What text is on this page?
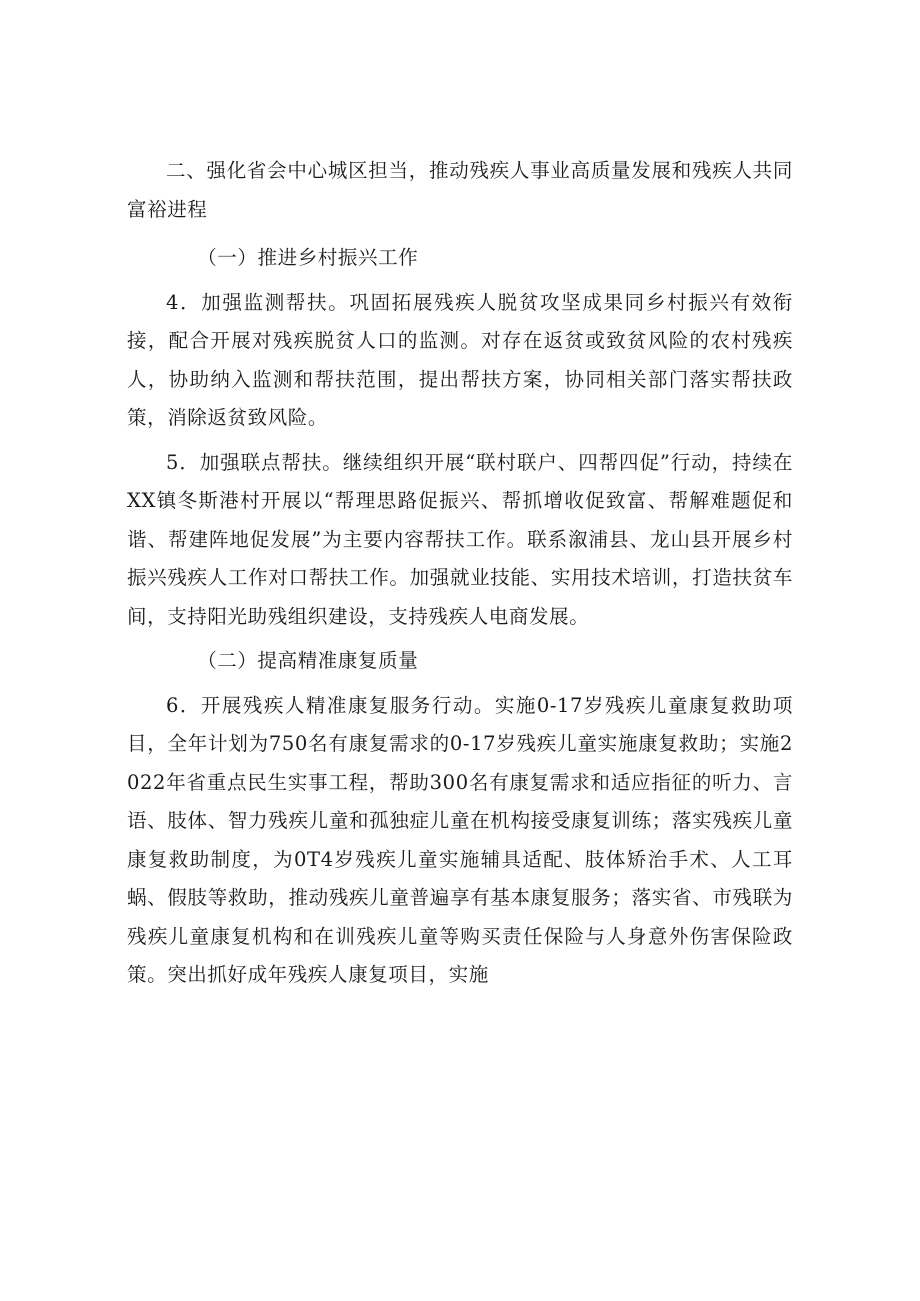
二、强化省会中心城区担当，推动残疾人事业高质量发展和残疾人共同富裕进程

（一）推进乡村振兴工作

4．加强监测帮扶。巩固拓展残疾人脱贫攻坚成果同乡村振兴有效衔接，配合开展对残疾脱贫人口的监测。对存在返贫或致贫风险的农村残疾人，协助纳入监测和帮扶范围，提出帮扶方案，协同相关部门落实帮扶政策，消除返贫致风险。

5．加强联点帮扶。继续组织开展“联村联户、四帮四促”行动，持续在XX镇冬斯港村开展以“帮理思路促振兴、帮抓增收促致富、帮解难题促和谐、帮建阵地促发展”为主要内容帮扶工作。联系溆浦县、龙山县开展乡村振兴残疾人工作对口帮扶工作。加强就业技能、实用技术培训，打造扶贫车间，支持阳光助残组织建设，支持残疾人电商发展。

（二）提高精准康复质量

6．开展残疾人精准康复服务行动。实施0-17岁残疾儿童康复救助项目，全年计划为750名有康复需求的0-17岁残疾儿童实施康复救助；实施2022年省重点民生实事工程，帮助300名有康复需求和适应指征的听力、言语、肢体、智力残疾儿童和孤独症儿童在机构接受康复训练；落实残疾儿童康复救助制度，为0T4岁残疾儿童实施辅具适配、肢体矫治手术、人工耳蜗、假肢等救助，推动残疾儿童普遍享有基本康复服务；落实省、市残联为残疾儿童康复机构和在训残疾儿童等购买责任保险与人身意外伤害保险政策。突出抓好成年残疾人康复项目，实施
